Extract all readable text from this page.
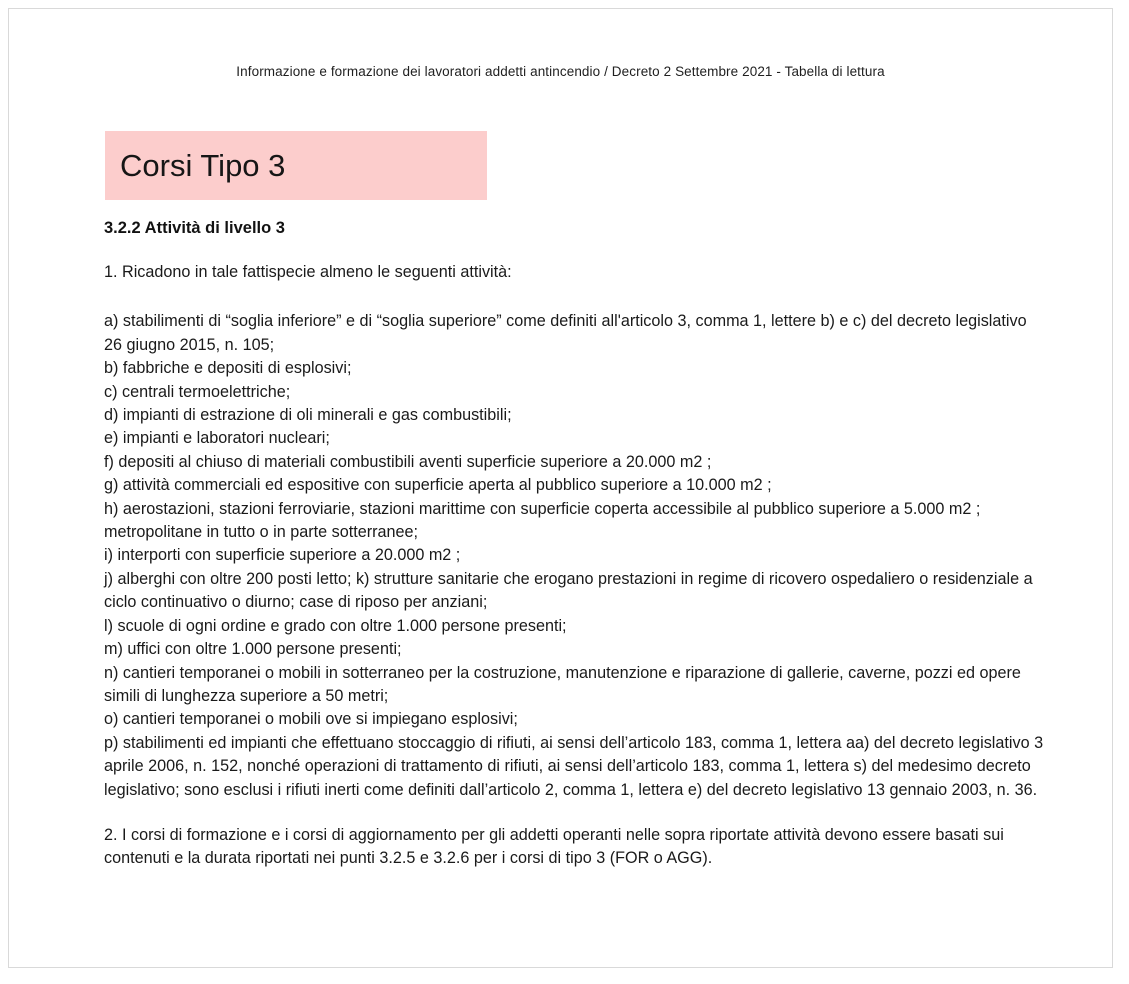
Informazione e formazione dei lavoratori addetti antincendio / Decreto 2 Settembre 2021 - Tabella di lettura
Corsi Tipo 3
3.2.2 Attività di livello 3

1. Ricadono in tale fattispecie almeno le seguenti attività:

a) stabilimenti di “soglia inferiore” e di “soglia superiore” come definiti all'articolo 3, comma 1, lettere b) e c) del decreto legislativo 26 giugno 2015, n. 105;

b) fabbriche e depositi di esplosivi;

c) centrali termoelettriche;

d) impianti di estrazione di oli minerali e gas combustibili;

e) impianti e laboratori nucleari;

f) depositi al chiuso di materiali combustibili aventi superficie superiore a 20.000 m2 ;

g) attività commerciali ed espositive con superficie aperta al pubblico superiore a 10.000 m2 ;

h) aerostazioni, stazioni ferroviarie, stazioni marittime con superficie coperta accessibile al pubblico superiore a 5.000 m2 ; metropolitane in tutto o in parte sotterranee;

i) interporti con superficie superiore a 20.000 m2 ;

j) alberghi con oltre 200 posti letto; k) strutture sanitarie che erogano prestazioni in regime di ricovero ospedaliero o residenziale a ciclo continuativo o diurno; case di riposo per anziani;

l) scuole di ogni ordine e grado con oltre 1.000 persone presenti;

m) uffici con oltre 1.000 persone presenti;

n) cantieri temporanei o mobili in sotterraneo per la costruzione, manutenzione e riparazione di gallerie, caverne, pozzi ed opere simili di lunghezza superiore a 50 metri;

o) cantieri temporanei o mobili ove si impiegano esplosivi;

p) stabilimenti ed impianti che effettuano stoccaggio di rifiuti, ai sensi dell’articolo 183, comma 1, lettera aa) del decreto legislativo 3 aprile 2006, n. 152, nonché operazioni di trattamento di rifiuti, ai sensi dell’articolo 183, comma 1, lettera s) del medesimo decreto legislativo; sono esclusi i rifiuti inerti come definiti dall’articolo 2, comma 1, lettera e) del decreto legislativo 13 gennaio 2003, n. 36.

2. I corsi di formazione e i corsi di aggiornamento per gli addetti operanti nelle sopra riportate attività devono essere basati sui contenuti e la durata riportati nei punti 3.2.5 e 3.2.6 per i corsi di tipo 3 (FOR o AGG).
